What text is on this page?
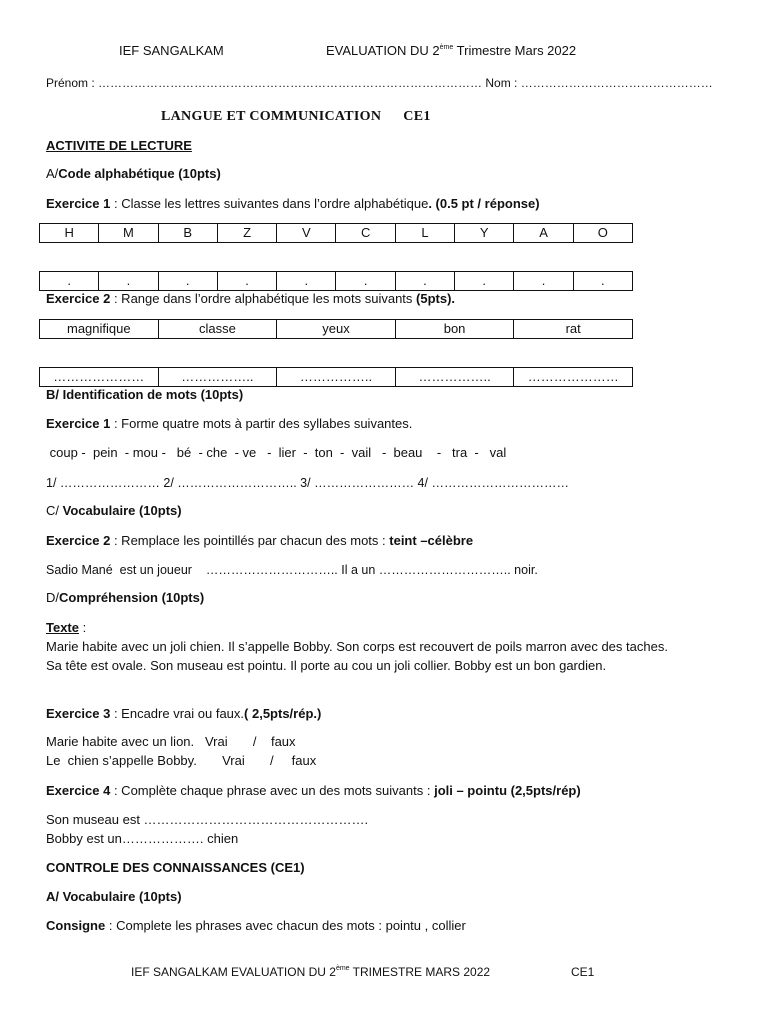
IEF SANGALKAM	EVALUATION DU 2ème Trimestre Mars 2022
Prénom : …………………………………………………………………………………… Nom : …………………………………………
LANGUE ET COMMUNICATION CE1
ACTIVITE DE LECTURE
A/Code alphabétique (10pts)
Exercice 1 : Classe les lettres suivantes dans l’ordre alphabétique. (0.5 pt / réponse)
H	M	B	Z	V	C	L	Y	A	O
.	.	.	.	.	.	.	.	.	.
Exercice 2 : Range dans l’ordre alphabétique les mots suivants (5pts).
magnifique	classe	yeux	bon	rat
…………………	……………..	……………..	……………..	…………………
B/ Identification de mots (10pts)
Exercice 1 : Forme quatre mots à partir des syllabes suivantes.
coup -  pein  - mou -   bé  - che  - ve   -  lier  -  ton  -  vail   -  beau    -   tra  -   val
1/ …………………… 2/ ……………………….. 3/ …………………… 4/ ……………………………
C/ Vocabulaire (10pts)
Exercice 2 : Remplace les pointillés par chacun des mots : teint –célèbre
Sadio Mané  est un joueur    ………………………….. Il a un ………………………….. noir.
D/Compréhension (10pts)
Texte :
Marie habite avec un joli chien. Il s’appelle Bobby. Son corps est recouvert de poils marron avec des taches. Sa tête est ovale. Son museau est pointu. Il porte au cou un joli collier. Bobby est un bon gardien.
Exercice 3 : Encadre vrai ou faux.( 2,5pts/rép.)
Marie habite avec un lion.   Vrai       /    faux
Le  chien s’appelle Bobby.       Vrai       /     faux
Exercice 4 : Complète chaque phrase avec un des mots suivants : joli – pointu (2,5pts/rép)
Son museau est …………………………………………….
Bobby est un………………. chien
CONTROLE DES CONNAISSANCES (CE1)
A/ Vocabulaire (10pts)
Consigne : Complete les phrases avec chacun des mots : pointu , collier
IEF SANGALKAM EVALUATION DU 2ème TRIMESTRE MARS 2022	CE1
